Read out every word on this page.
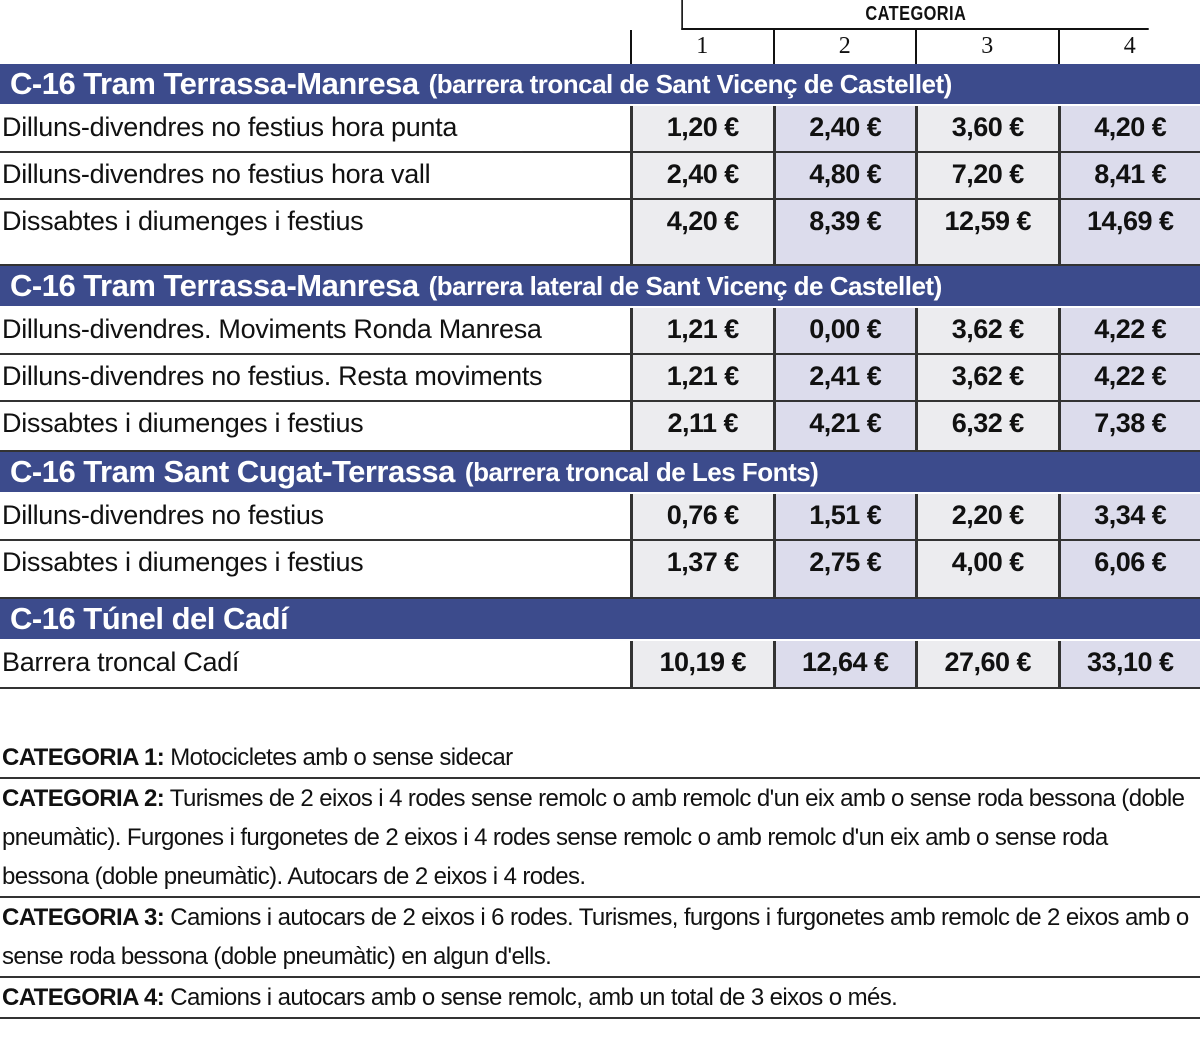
CATEGORIA
1	2	3	4
C-16 Tram Terrassa-Manresa (barrera troncal de Sant Vicenç de Castellet)
Dilluns-divendres no festius hora punta	1,20 €	2,40 €	3,60 €	4,20 €
Dilluns-divendres no festius hora vall	2,40 €	4,80 €	7,20 €	8,41 €
Dissabtes i diumenges i festius	4,20 €	8,39 €	12,59 €	14,69 €
C-16 Tram Terrassa-Manresa (barrera lateral de Sant Vicenç de Castellet)
Dilluns-divendres. Moviments Ronda Manresa	1,21 €	0,00 €	3,62 €	4,22 €
Dilluns-divendres no festius. Resta moviments	1,21 €	2,41 €	3,62 €	4,22 €
Dissabtes i diumenges i festius	2,11 €	4,21 €	6,32 €	7,38 €
C-16 Tram Sant Cugat-Terrassa (barrera troncal de Les Fonts)
Dilluns-divendres no festius	0,76 €	1,51 €	2,20 €	3,34 €
Dissabtes i diumenges i festius	1,37 €	2,75 €	4,00 €	6,06 €
C-16 Túnel del Cadí
Barrera troncal Cadí	10,19 €	12,64 €	27,60 €	33,10 €
CATEGORIA 1: Motocicletes amb o sense sidecar
CATEGORIA 2: Turismes de 2 eixos i 4 rodes sense remolc o amb remolc d'un eix amb o sense roda bessona (doble pneumàtic). Furgones i furgonetes de 2 eixos i 4 rodes sense remolc o amb remolc d'un eix amb o sense roda bessona (doble pneumàtic). Autocars de 2 eixos i 4 rodes.
CATEGORIA 3: Camions i autocars de 2 eixos i 6 rodes. Turismes, furgons i furgonetes amb remolc de 2 eixos amb o sense roda bessona (doble pneumàtic) en algun d'ells.
CATEGORIA 4: Camions i autocars amb o sense remolc, amb un total de 3 eixos o més.
